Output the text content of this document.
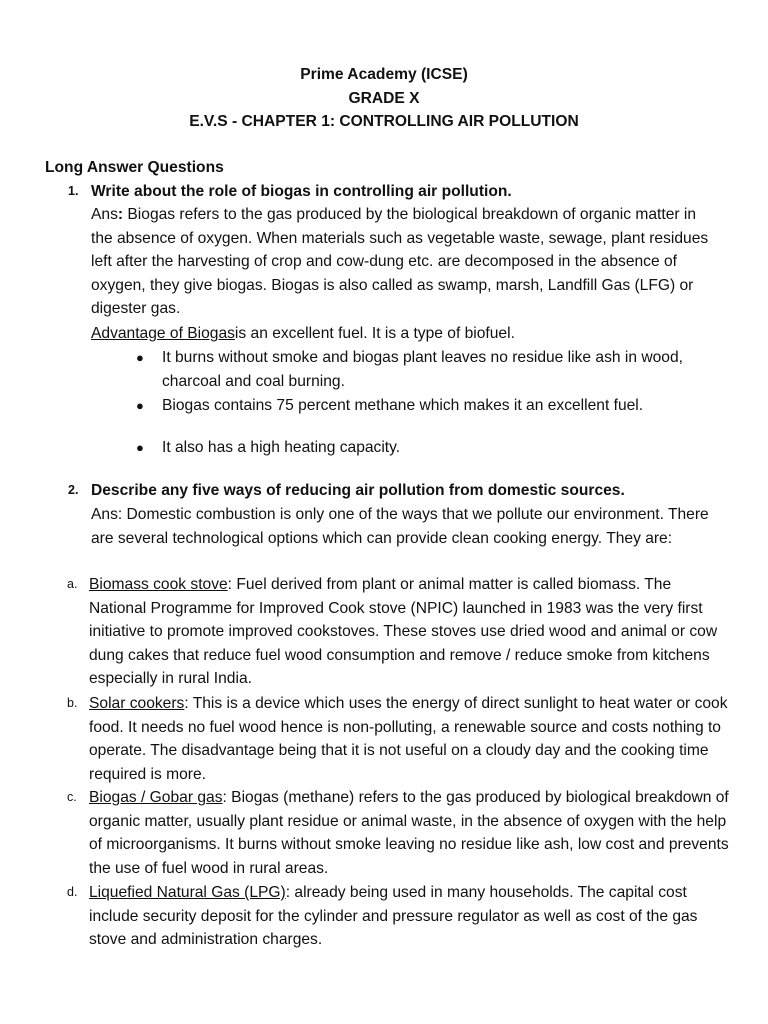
Prime Academy (ICSE)
GRADE X
E.V.S - CHAPTER 1: CONTROLLING AIR POLLUTION
Long Answer Questions
1. Write about the role of biogas in controlling air pollution.
Ans: Biogas refers to the gas produced by the biological breakdown of organic matter in the absence of oxygen. When materials such as vegetable waste, sewage, plant residues left after the harvesting of crop and cow-dung etc. are decomposed in the absence of oxygen, they give biogas. Biogas is also called as swamp, marsh, Landfill Gas (LFG) or digester gas.
Advantage of Biogasis an excellent fuel. It is a type of biofuel.
● It burns without smoke and biogas plant leaves no residue like ash in wood, charcoal and coal burning.
● Biogas contains 75 percent methane which makes it an excellent fuel.
● It also has a high heating capacity.
2. Describe any five ways of reducing air pollution from domestic sources.
Ans: Domestic combustion is only one of the ways that we pollute our environment. There are several technological options which can provide clean cooking energy. They are:
a. Biomass cook stove: Fuel derived from plant or animal matter is called biomass. The National Programme for Improved Cook stove (NPIC) launched in 1983 was the very first initiative to promote improved cookstoves. These stoves use dried wood and animal or cow dung cakes that reduce fuel wood consumption and remove / reduce smoke from kitchens especially in rural India.
b. Solar cookers: This is a device which uses the energy of direct sunlight to heat water or cook food. It needs no fuel wood hence is non-polluting, a renewable source and costs nothing to operate. The disadvantage being that it is not useful on a cloudy day and the cooking time required is more.
c. Biogas / Gobar gas: Biogas (methane) refers to the gas produced by biological breakdown of organic matter, usually plant residue or animal waste, in the absence of oxygen with the help of microorganisms. It burns without smoke leaving no residue like ash, low cost and prevents the use of fuel wood in rural areas.
d. Liquefied Natural Gas (LPG): already being used in many households. The capital cost include security deposit for the cylinder and pressure regulator as well as cost of the gas stove and administration charges.
